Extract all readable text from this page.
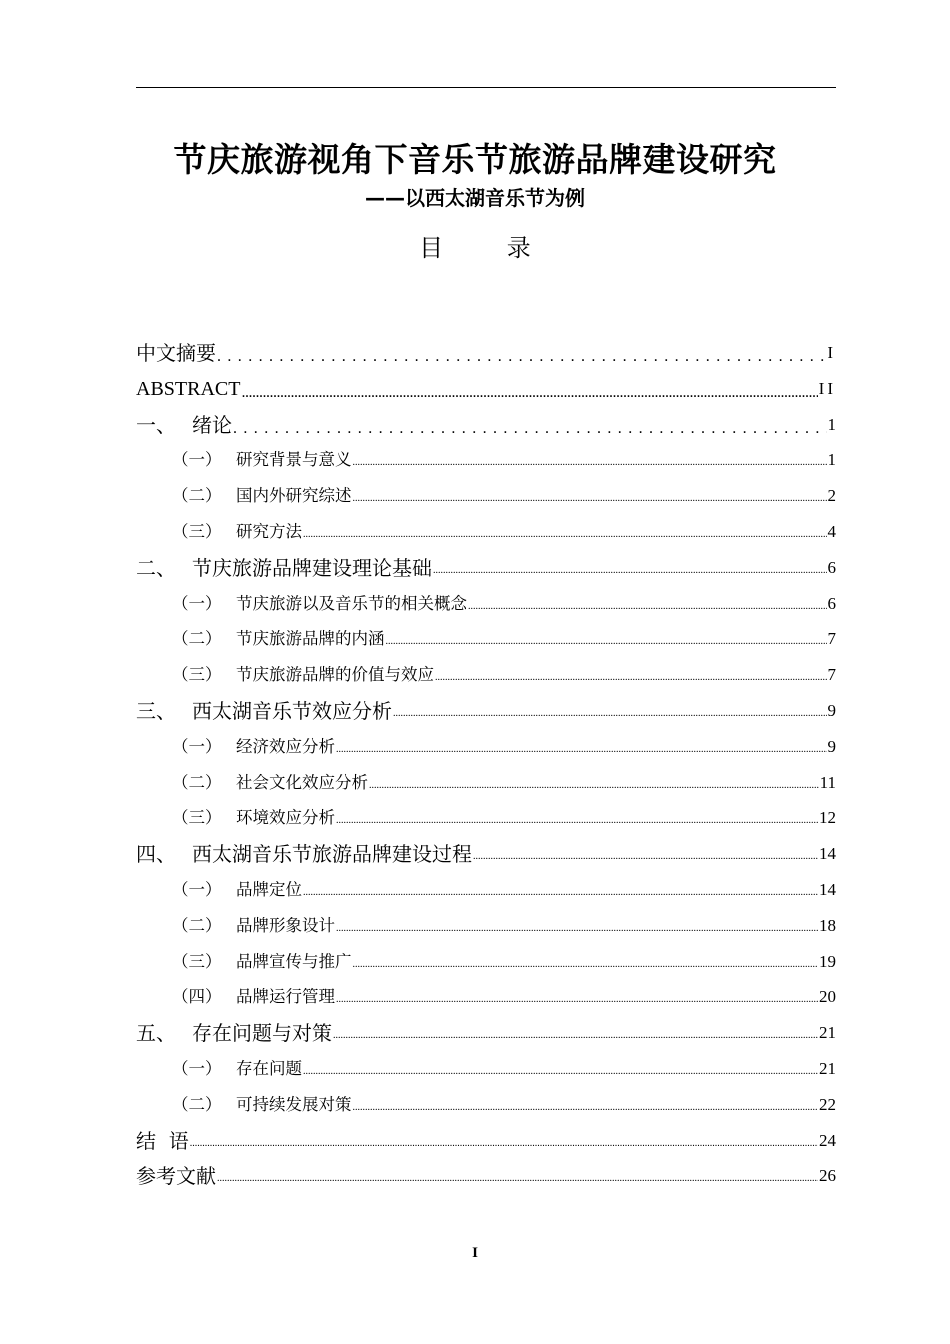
节庆旅游视角下音乐节旅游品牌建设研究
——以西太湖音乐节为例
目 录
中文摘要 . . .	I
ABSTRACT .....	II
一、 绪论 . . .	1
（一） 研究背景与意义 .....	1
（二） 国内外研究综述 .....	2
（三） 研究方法 .....	4
二、 节庆旅游品牌建设理论基础 .....	6
（一） 节庆旅游以及音乐节的相关概念 .....	6
（二） 节庆旅游品牌的内涵 .....	7
（三） 节庆旅游品牌的价值与效应 .....	7
三、 西太湖音乐节效应分析 .....	9
（一） 经济效应分析 .....	9
（二） 社会文化效应分析 .....	11
（三） 环境效应分析 .....	12
四、 西太湖音乐节旅游品牌建设过程 .....	14
（一） 品牌定位 .....	14
（二） 品牌形象设计 .....	18
（三） 品牌宣传与推广 .....	19
（四） 品牌运行管理 .....	20
五、 存在问题与对策 .....	21
（一） 存在问题 .....	21
（二） 可持续发展对策 .....	22
结  语 .....	24
参考文献 .....	26
I
